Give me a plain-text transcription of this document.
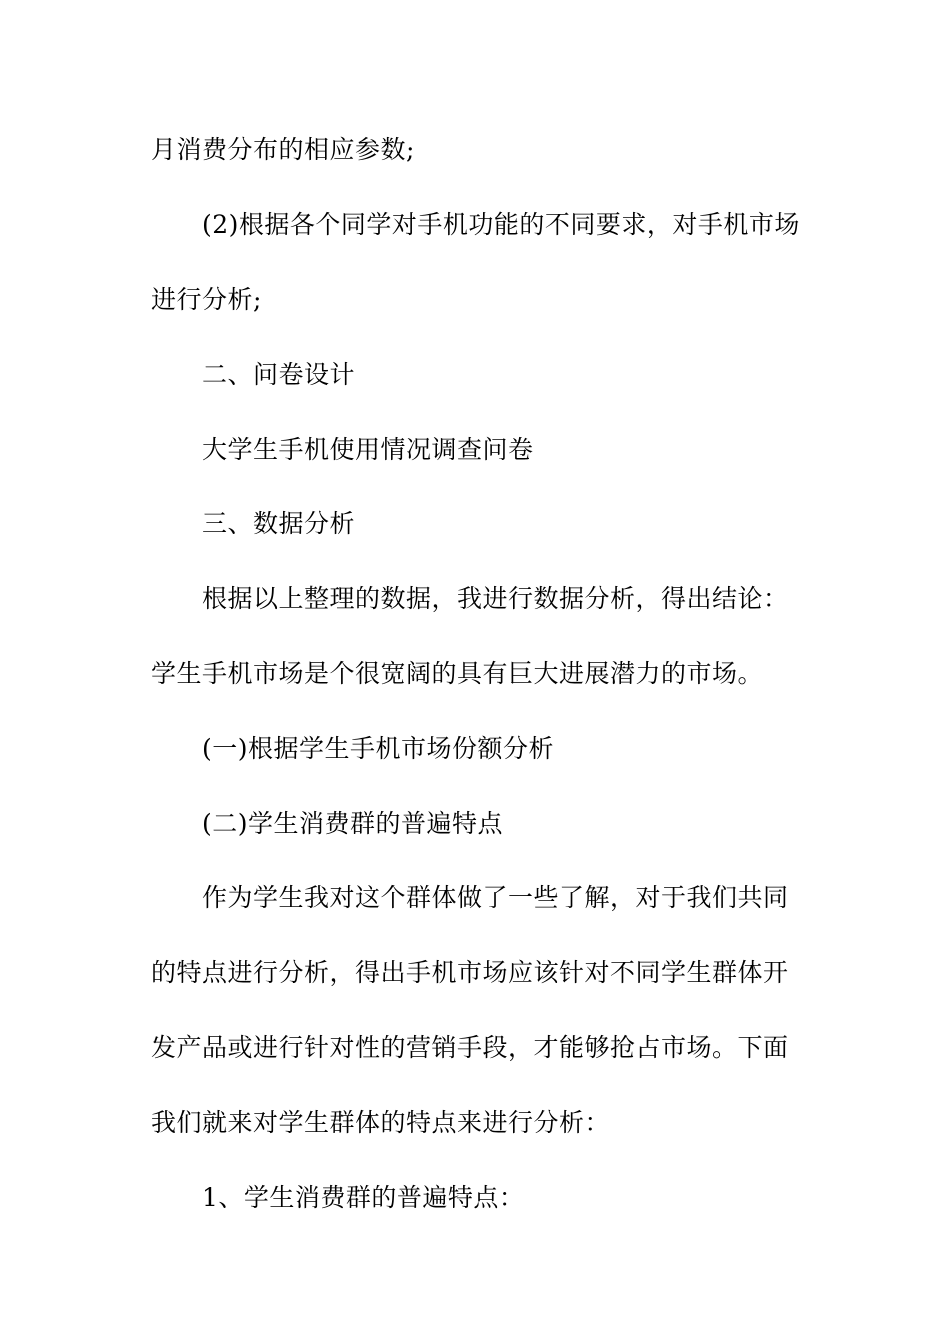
月消费分布的相应参数;
(2)根据各个同学对手机功能的不同要求，对手机市场
进行分析;
二、问卷设计
大学生手机使用情况调查问卷
三、数据分析
根据以上整理的数据，我进行数据分析，得出结论：
学生手机市场是个很宽阔的具有巨大进展潜力的市场。
(一)根据学生手机市场份额分析
(二)学生消费群的普遍特点
作为学生我对这个群体做了一些了解，对于我们共同
的特点进行分析，得出手机市场应该针对不同学生群体开
发产品或进行针对性的营销手段，才能够抢占市场。下面
我们就来对学生群体的特点来进行分析：
1、学生消费群的普遍特点：
